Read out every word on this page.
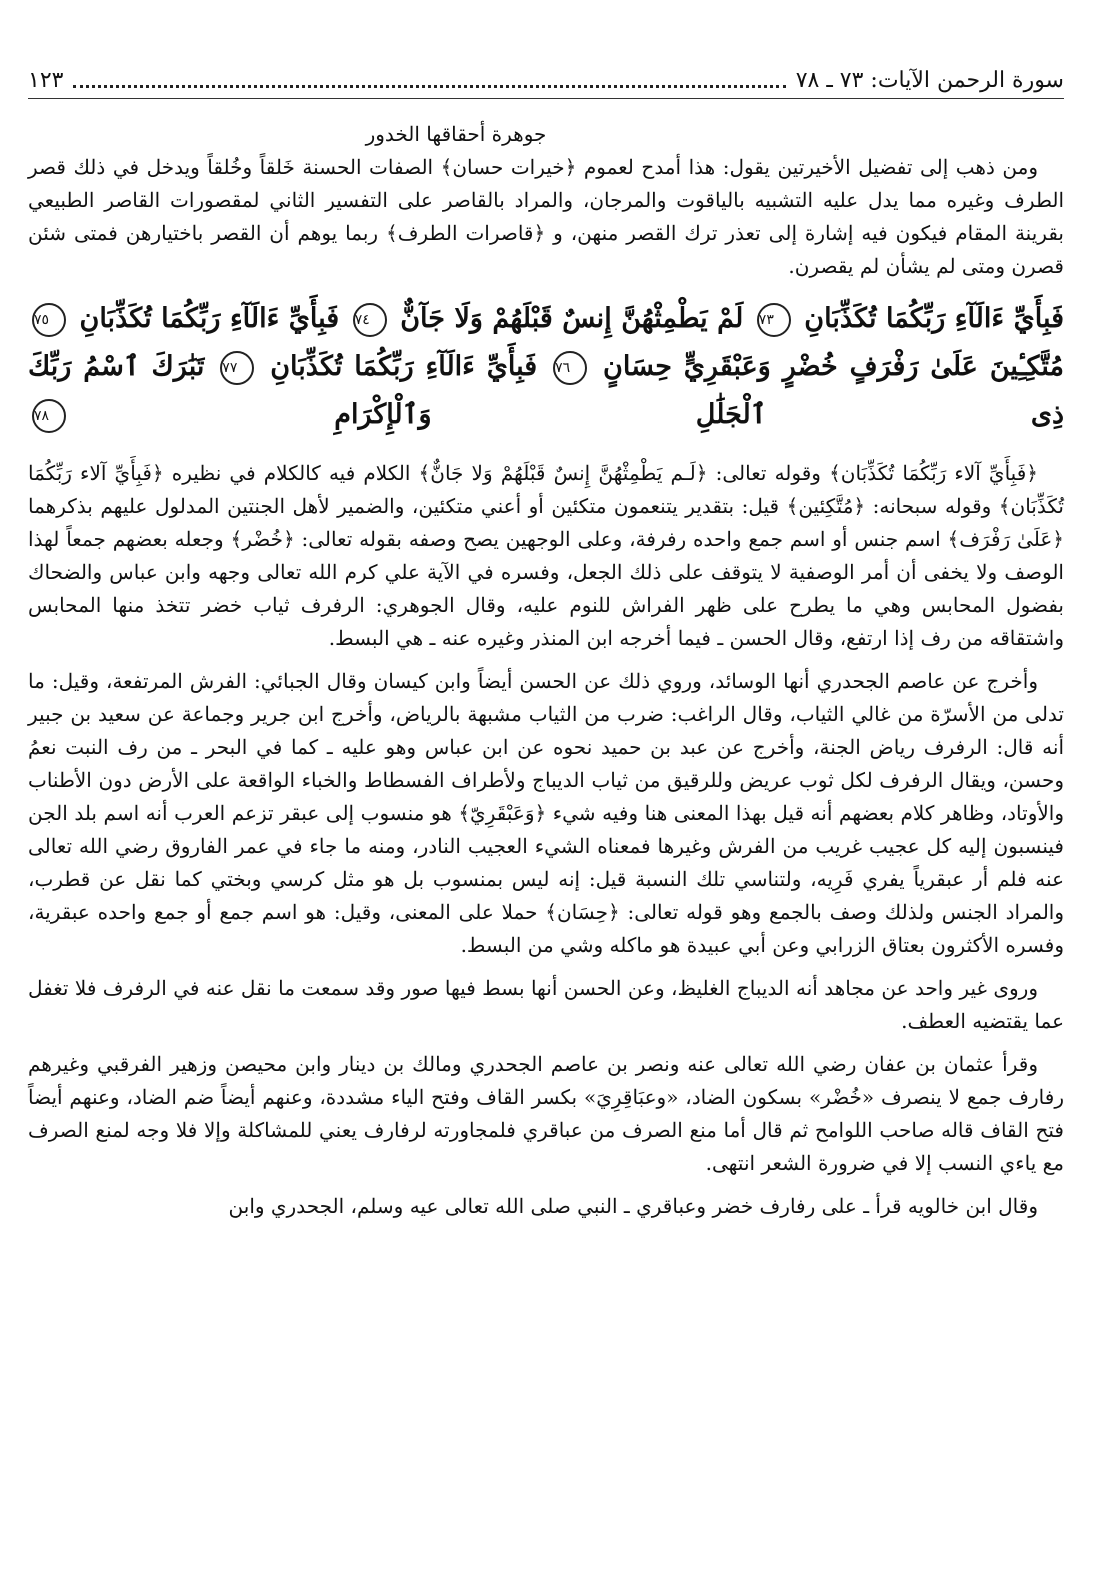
سورة الرحمن الآيات: ٧٣ ـ ٧٨
١٢٣
جوهرة أحقاقها الخدور

ومن ذهب إلى تفضيل الأخيرتين يقول: هذا أمدح لعموم ﴿خيرات حسان﴾ الصفات الحسنة خَلقاً وخُلقاً ويدخل في ذلك قصر الطرف وغيره مما يدل عليه التشبيه بالياقوت والمرجان، والمراد بالقاصر على التفسير الثاني لمقصورات القاصر الطبيعي بقرينة المقام فيكون فيه إشارة إلى تعذر ترك القصر منهن، و ﴿قاصرات الطرف﴾ ربما يوهم أن القصر باختيارهن فمتى شئن قصرن ومتى لم يشأن لم يقصرن.

فَبِأَيِّ ءَالَآءِ رَبِّكُمَا تُكَذِّبَانِ ٧٣ لَمْ يَطْمِثْهُنَّ إِنسٌ قَبْلَهُمْ وَلَا جَآنٌّ ٧٤ فَبِأَيِّ ءَالَآءِ رَبِّكُمَا تُكَذِّبَانِ ٧٥ مُتَّكِـِٔينَ عَلَىٰ رَفْرَفٍ خُضْرٍ وَعَبْقَرِيٍّ حِسَانٍ ٧٦ فَبِأَيِّ ءَالَآءِ رَبِّكُمَا تُكَذِّبَانِ ٧٧ تَبَٰرَكَ ٱسْمُ رَبِّكَ ذِى ٱلْجَلَٰلِ وَٱلْإِكْرَامِ ٧٨

﴿فَبِأَيِّ آلاء رَبِّكُمَا تُكَذِّبَان﴾ وقوله تعالى: ﴿لَـم يَطْمِثْهُنَّ إِنسٌ قَبْلَهُمْ وَلا جَانٌّ﴾ الكلام فيه كالكلام في نظيره ﴿فَبِأَيِّ آلاء رَبِّكُمَا تُكَذِّبَان﴾ وقوله سبحانه: ﴿مُتَّكِئين﴾ قيل: بتقدير يتنعمون متكئين أو أعني متكئين، والضمير لأهل الجنتين المدلول عليهم بذكرهما ﴿عَلَىٰ رَفْرَف﴾ اسم جنس أو اسم جمع واحده رفرفة، وعلى الوجهين يصح وصفه بقوله تعالى: ﴿خُضْر﴾ وجعله بعضهم جمعاً لهذا الوصف ولا يخفى أن أمر الوصفية لا يتوقف على ذلك الجعل، وفسره في الآية علي كرم الله تعالى وجهه وابن عباس والضحاك بفضول المحابس وهي ما يطرح على ظهر الفراش للنوم عليه، وقال الجوهري: الرفرف ثياب خضر تتخذ منها المحابس واشتقاقه من رف إذا ارتفع، وقال الحسن ـ فيما أخرجه ابن المنذر وغيره عنه ـ هي البسط.

وأخرج عن عاصم الجحدري أنها الوسائد، وروي ذلك عن الحسن أيضاً وابن كيسان وقال الجبائي: الفرش المرتفعة، وقيل: ما تدلى من الأسرّة من غالي الثياب، وقال الراغب: ضرب من الثياب مشبهة بالرياض، وأخرج ابن جرير وجماعة عن سعيد بن جبير أنه قال: الرفرف رياض الجنة، وأخرج عن عبد بن حميد نحوه عن ابن عباس وهو عليه ـ كما في البحر ـ من رف النبت نعمُ وحسن، ويقال الرفرف لكل ثوب عريض وللرقيق من ثياب الديباج ولأطراف الفسطاط والخباء الواقعة على الأرض دون الأطناب والأوتاد، وظاهر كلام بعضهم أنه قيل بهذا المعنى هنا وفيه شيء ﴿وَعَبْقَرِيّ﴾ هو منسوب إلى عبقر تزعم العرب أنه اسم بلد الجن فينسبون إليه كل عجيب غريب من الفرش وغيرها فمعناه الشيء العجيب النادر، ومنه ما جاء في عمر الفاروق رضي الله تعالى عنه فلم أر عبقرياً يفري فَرِيه، ولتناسي تلك النسبة قيل: إنه ليس بمنسوب بل هو مثل كرسي وبختي كما نقل عن قطرب، والمراد الجنس ولذلك وصف بالجمع وهو قوله تعالى: ﴿حِسَان﴾ حملا على المعنى، وقيل: هو اسم جمع أو جمع واحده عبقرية، وفسره الأكثرون بعتاق الزرابي وعن أبي عبيدة هو ماكله وشي من البسط.

وروى غير واحد عن مجاهد أنه الديباج الغليظ، وعن الحسن أنها بسط فيها صور وقد سمعت ما نقل عنه في الرفرف فلا تغفل عما يقتضيه العطف.

وقرأ عثمان بن عفان رضي الله تعالى عنه ونصر بن عاصم الجحدري ومالك بن دينار وابن محيصن وزهير الفرقبي وغيرهم رفارف جمع لا ينصرف «خُضْر» بسكون الضاد، «وعبَاقِرِيَ» بكسر القاف وفتح الياء مشددة، وعنهم أيضاً ضم الضاد، وعنهم أيضاً فتح القاف قاله صاحب اللوامح ثم قال أما منع الصرف من عباقري فلمجاورته لرفارف يعني للمشاكلة وإلا فلا وجه لمنع الصرف مع ياءي النسب إلا في ضرورة الشعر انتهى.

وقال ابن خالويه قرأ ـ على رفارف خضر وعباقري ـ النبي صلى الله تعالى عيه وسلم، الجحدري وابن
